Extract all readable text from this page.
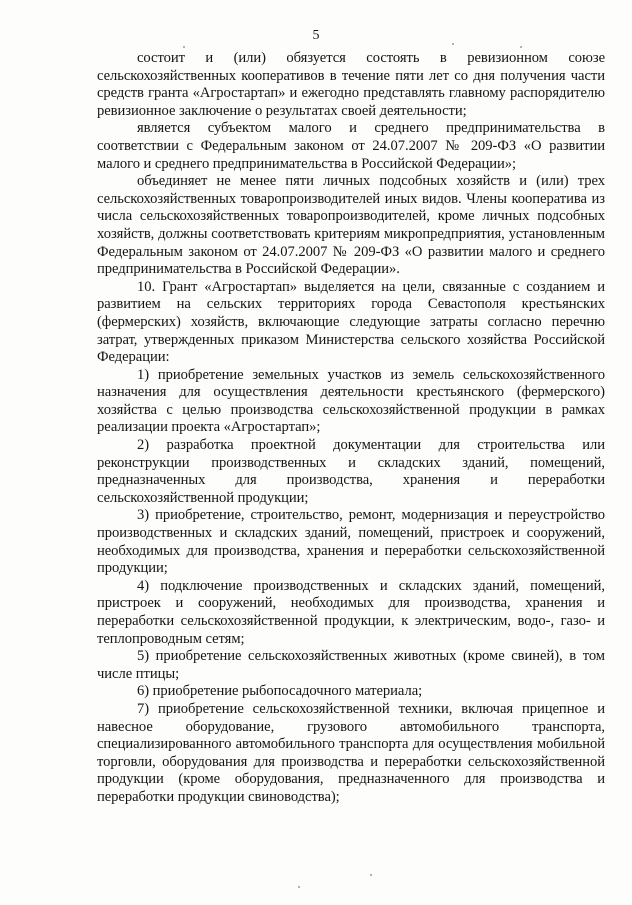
5

состоит и (или) обязуется состоять в ревизионном союзе сельскохозяйственных кооперативов в течение пяти лет со дня получения части средств гранта «Агростартап» и ежегодно представлять главному распорядителю ревизионное заключение о результатах своей деятельности;

является субъектом малого и среднего предпринимательства в соответствии с Федеральным законом от 24.07.2007 № 209-ФЗ «О развитии малого и среднего предпринимательства в Российской Федерации»;

объединяет не менее пяти личных подсобных хозяйств и (или) трех сельскохозяйственных товаропроизводителей иных видов. Члены кооператива из числа сельскохозяйственных товаропроизводителей, кроме личных подсобных хозяйств, должны соответствовать критериям микропредприятия, установленным Федеральным законом от 24.07.2007 № 209-ФЗ «О развитии малого и среднего предпринимательства в Российской Федерации».

10. Грант «Агростартап» выделяется на цели, связанные с созданием и развитием на сельских территориях города Севастополя крестьянских (фермерских) хозяйств, включающие следующие затраты согласно перечню затрат, утвержденных приказом Министерства сельского хозяйства Российской Федерации:

1) приобретение земельных участков из земель сельскохозяйственного назначения для осуществления деятельности крестьянского (фермерского) хозяйства с целью производства сельскохозяйственной продукции в рамках реализации проекта «Агростартап»;

2) разработка проектной документации для строительства или реконструкции производственных и складских зданий, помещений, предназначенных для производства, хранения и переработки сельскохозяйственной продукции;

3) приобретение, строительство, ремонт, модернизация и переустройство производственных и складских зданий, помещений, пристроек и сооружений, необходимых для производства, хранения и переработки сельскохозяйственной продукции;

4) подключение производственных и складских зданий, помещений, пристроек и сооружений, необходимых для производства, хранения и переработки сельскохозяйственной продукции, к электрическим, водо-, газо- и теплопроводным сетям;

5) приобретение сельскохозяйственных животных (кроме свиней), в том числе птицы;

6) приобретение рыбопосадочного материала;

7) приобретение сельскохозяйственной техники, включая прицепное и навесное оборудование, грузового автомобильного транспорта, специализированного автомобильного транспорта для осуществления мобильной торговли, оборудования для производства и переработки сельскохозяйственной продукции (кроме оборудования, предназначенного для производства и переработки продукции свиноводства);
